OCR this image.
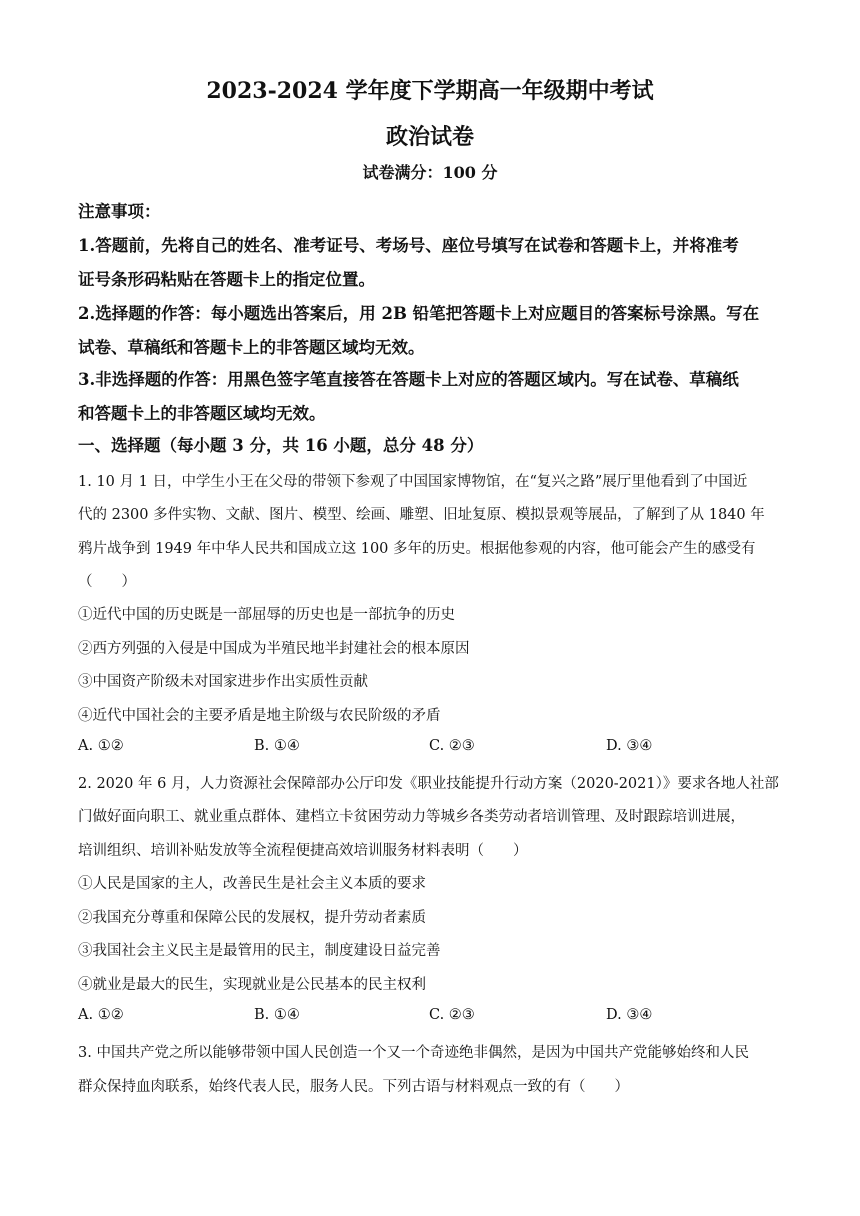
2023-2024 学年度下学期高一年级期中考试
政治试卷
试卷满分：100 分
注意事项：
1.答题前，先将自己的姓名、准考证号、考场号、座位号填写在试卷和答题卡上，并将准考
证号条形码粘贴在答题卡上的指定位置。
2.选择题的作答：每小题选出答案后，用 2B 铅笔把答题卡上对应题目的答案标号涂黑。写在
试卷、草稿纸和答题卡上的非答题区域均无效。
3.非选择题的作答：用黑色签字笔直接答在答题卡上对应的答题区域内。写在试卷、草稿纸
和答题卡上的非答题区域均无效。
一、选择题（每小题 3 分，共 16 小题，总分 48 分）
1. 10 月 1 日，中学生小王在父母的带领下参观了中国国家博物馆，在“复兴之路”展厅里他看到了中国近
代的 2300 多件实物、文献、图片、模型、绘画、雕塑、旧址复原、模拟景观等展品，了解到了从 1840 年
鸦片战争到 1949 年中华人民共和国成立这 100 多年的历史。根据他参观的内容，他可能会产生的感受有
（　　）
①近代中国的历史既是一部屈辱的历史也是一部抗争的历史
②西方列强的入侵是中国成为半殖民地半封建社会的根本原因
③中国资产阶级未对国家进步作出实质性贡献
④近代中国社会的主要矛盾是地主阶级与农民阶级的矛盾
A. ①②	B. ①④	C. ②③	D. ③④
2. 2020 年 6 月，人力资源社会保障部办公厅印发《职业技能提升行动方案（2020-2021）》要求各地人社部
门做好面向职工、就业重点群体、建档立卡贫困劳动力等城乡各类劳动者培训管理、及时跟踪培训进展，
培训组织、培训补贴发放等全流程便捷高效培训服务材料表明（　　）
①人民是国家的主人，改善民生是社会主义本质的要求
②我国充分尊重和保障公民的发展权，提升劳动者素质
③我国社会主义民主是最管用的民主，制度建设日益完善
④就业是最大的民生，实现就业是公民基本的民主权利
A. ①②	B. ①④	C. ②③	D. ③④
3. 中国共产党之所以能够带领中国人民创造一个又一个奇迹绝非偶然，是因为中国共产党能够始终和人民
群众保持血肉联系，始终代表人民，服务人民。下列古语与材料观点一致的有（　　）
